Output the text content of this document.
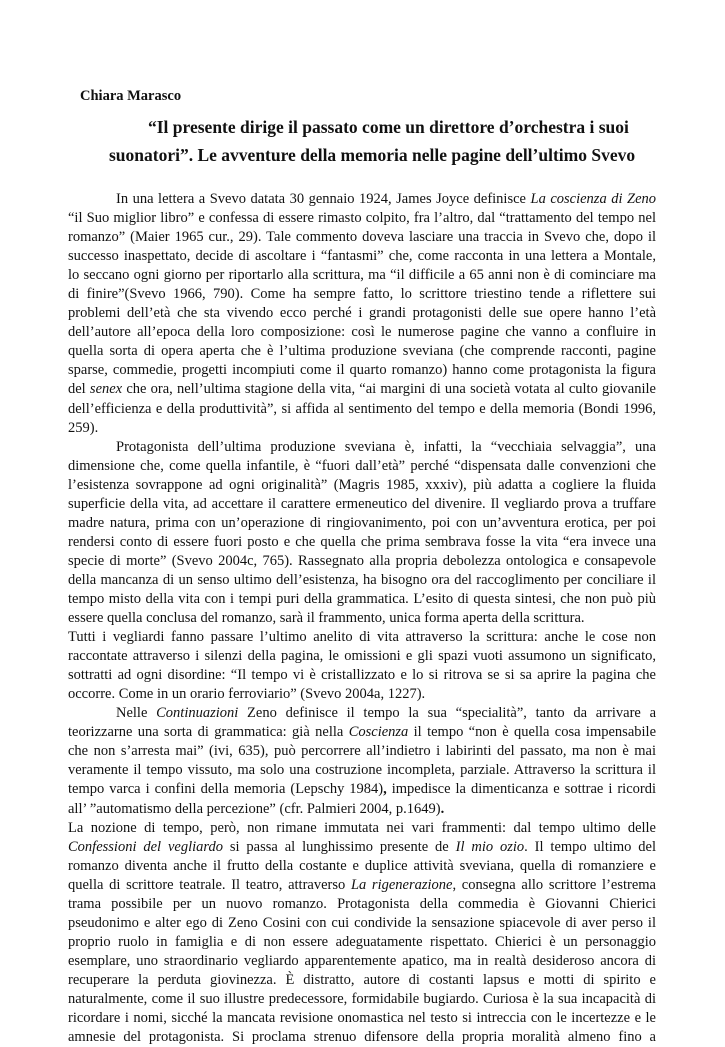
Chiara Marasco
“Il presente dirige il passato come un direttore d’orchestra i suoi
suonatori”. Le avventure della memoria nelle pagine dell’ultimo Svevo
In una lettera a Svevo datata 30 gennaio 1924, James Joyce definisce La coscienza di Zeno
“il Suo miglior libro” e confessa di essere rimasto colpito, fra l’altro, dal “trattamento del tempo nel
romanzo” (Maier 1965 cur., 29). Tale commento doveva lasciare una traccia in Svevo che, dopo il
successo inaspettato, decide di ascoltare i “fantasmi” che, come racconta in una lettera a Montale,
lo seccano ogni giorno per riportarlo alla scrittura, ma “il difficile a 65 anni non è di cominciare ma
di finire”(Svevo 1966, 790). Come ha sempre fatto, lo scrittore triestino tende a riflettere sui
problemi dell’età che sta vivendo ecco perché i grandi protagonisti delle sue opere hanno l’età
dell’autore all’epoca della loro composizione: così le numerose pagine che vanno a confluire in
quella sorta di opera aperta che è l’ultima produzione sveviana (che comprende racconti, pagine
sparse, commedie, progetti incompiuti come il quarto romanzo) hanno come protagonista la figura
del senex che ora, nell’ultima stagione della vita, “ai margini di una società votata al culto giovanile
dell’efficienza e della produttività”, si affida al sentimento del tempo e della memoria (Bondi 1996,
259).
Protagonista dell’ultima produzione sveviana è, infatti, la “vecchiaia selvaggia”, una
dimensione che, come quella infantile, è “fuori dall’età” perché “dispensata dalle convenzioni che
l’esistenza sovrappone ad ogni originalità” (Magris 1985, xxxiv), più adatta a cogliere la fluida
superficie della vita, ad accettare il carattere ermeneutico del divenire. Il vegliardo prova a truffare
madre natura, prima con un’operazione di ringiovanimento, poi con un’avventura erotica, per poi
rendersi conto di essere fuori posto e che quella che prima sembrava fosse la vita “era invece una
specie di morte” (Svevo 2004c, 765). Rassegnato alla propria debolezza ontologica e consapevole
della mancanza di un senso ultimo dell’esistenza, ha bisogno ora del raccoglimento per conciliare il
tempo misto della vita con i tempi puri della grammatica. L’esito di questa sintesi, che non può più
essere quella conclusa del romanzo, sarà il frammento, unica forma aperta della scrittura.
Tutti i vegliardi fanno passare l’ultimo anelito di vita attraverso la scrittura: anche le cose non
raccontate attraverso i silenzi della pagina, le omissioni e gli spazi vuoti assumono un significato,
sottratti ad ogni disordine: “Il tempo vi è cristallizzato e lo si ritrova se si sa aprire la pagina che
occorre. Come in un orario ferroviario” (Svevo 2004a, 1227).
Nelle Continuazioni Zeno definisce il tempo la sua “specialità”, tanto da arrivare a
teorizzarne una sorta di grammatica: già nella Coscienza il tempo “non è quella cosa impensabile
che non s’arresta mai” (ivi, 635), può percorrere all’indietro i labirinti del passato, ma non è mai
veramente il tempo vissuto, ma solo una costruzione incompleta, parziale. Attraverso la scrittura il
tempo varca i confini della memoria (Lepschy 1984), impedisce la dimenticanza e sottrae i ricordi
all’ ”automatismo della percezione” (cfr. Palmieri 2004, p.1649).
La nozione di tempo, però, non rimane immutata nei vari frammenti: dal tempo ultimo delle
Confessioni del vegliardo si passa al lunghissimo presente de Il mio ozio. Il tempo ultimo del
romanzo diventa anche il frutto della costante e duplice attività sveviana, quella di romanziere e
quella di scrittore teatrale. Il teatro, attraverso La rigenerazione, consegna allo scrittore l’estrema
trama possibile per un nuovo romanzo. Protagonista della commedia è Giovanni Chierici
pseudonimo e alter ego di Zeno Cosini con cui condivide la sensazione spiacevole di aver perso il
proprio ruolo in famiglia e di non essere adeguatamente rispettato. Chierici è un personaggio
esemplare, uno straordinario vegliardo apparentemente apatico, ma in realtà desideroso ancora di
recuperare la perduta giovinezza. È distratto, autore di costanti lapsus e motti di spirito e
naturalmente, come il suo illustre predecessore, formidabile bugiardo. Curiosa è la sua incapacità di
ricordare i nomi, sicché la mancata revisione onomastica nel testo si intreccia con le incertezze e le
amnesie del protagonista. Si proclama strenuo difensore della propria moralità almeno fino a
